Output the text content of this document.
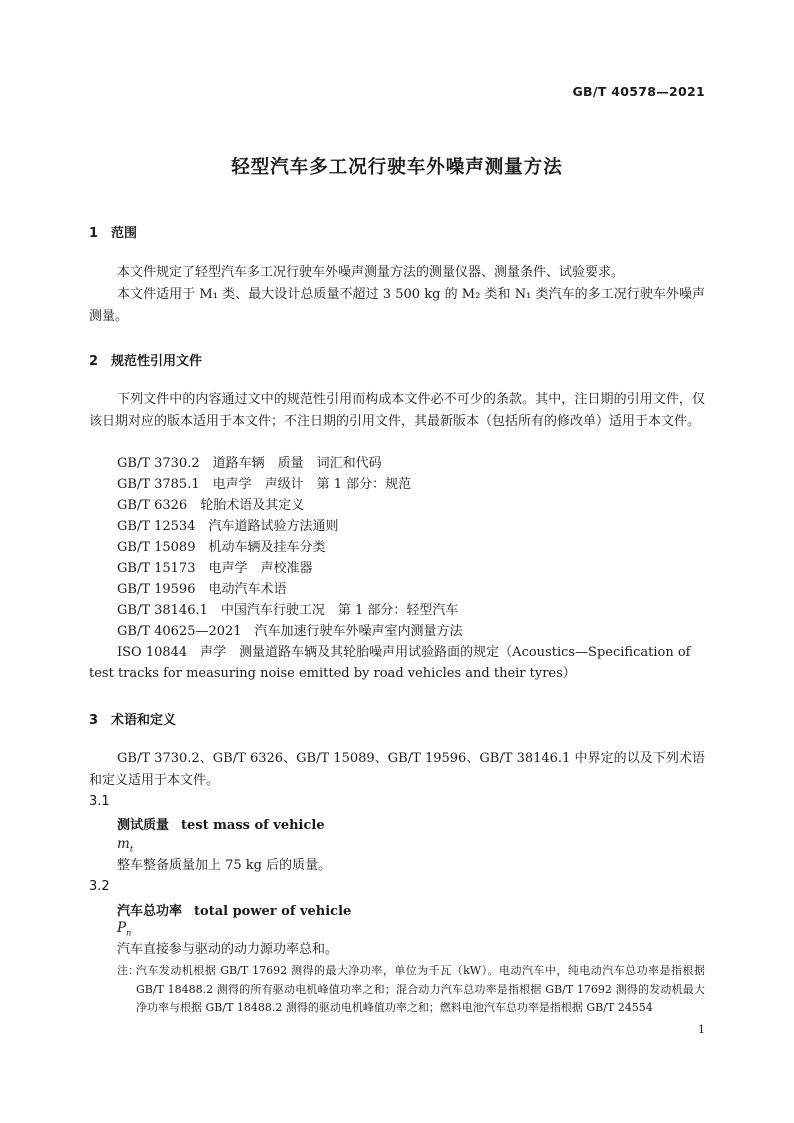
GB/T 40578—2021
轻型汽车多工况行驶车外噪声测量方法
1 范围
本文件规定了轻型汽车多工况行驶车外噪声测量方法的测量仪器、测量条件、试验要求。
本文件适用于 M₁ 类、最大设计总质量不超过 3 500 kg 的 M₂ 类和 N₁ 类汽车的多工况行驶车外噪声测量。
2 规范性引用文件
下列文件中的内容通过文中的规范性引用而构成本文件必不可少的条款。其中，注日期的引用文件，仅该日期对应的版本适用于本文件；不注日期的引用文件，其最新版本（包括所有的修改单）适用于本文件。
GB/T 3730.2　道路车辆　质量　词汇和代码
GB/T 3785.1　电声学　声级计　第 1 部分：规范
GB/T 6326　轮胎术语及其定义
GB/T 12534　汽车道路试验方法通则
GB/T 15089　机动车辆及挂车分类
GB/T 15173　电声学　声校准器
GB/T 19596　电动汽车术语
GB/T 38146.1　中国汽车行驶工况　第 1 部分：轻型汽车
GB/T 40625—2021　汽车加速行驶车外噪声室内测量方法
ISO 10844　声学　测量道路车辆及其轮胎噪声用试验路面的规定（Acoustics—Specification of
test tracks for measuring noise emitted by road vehicles and their tyres）
3 术语和定义
GB/T 3730.2、GB/T 6326、GB/T 15089、GB/T 19596、GB/T 38146.1 中界定的以及下列术语和定义适用于本文件。
3.1
测试质量 test mass of vehicle
$m_t$
整车整备质量加上 75 kg 后的质量。
3.2
汽车总功率 total power of vehicle
$P_n$
汽车直接参与驱动的动力源功率总和。
注：
汽车发动机根据 GB/T 17692 测得的最大净功率，单位为千瓦（kW）。电动汽车中，纯电动汽车总功率是指根据 GB/T 18488.2 测得的所有驱动电机峰值功率之和；混合动力汽车总功率是指根据 GB/T 17692 测得的发动机最大净功率与根据 GB/T 18488.2 测得的驱动电机峰值功率之和；燃料电池汽车总功率是指根据 GB/T 24554
1
